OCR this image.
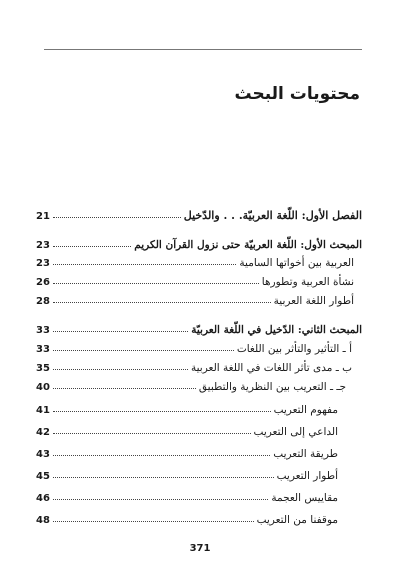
محتويات البحث
الفصل الأول: اللّغة العربيّة. . . والدّخيل
21
المبحث الأول: اللّغة العربيّة حتى نزول القرآن الكريم
23
العربية بين أخواتها السامية
23
نشأة العربية وتطورها
26
أطوار اللغة العربية
28
المبحث الثاني: الدّخيل في اللّغة العربيّة
33
أ ـ التأثير والتأثر بين اللغات
33
ب ـ مدى تأثر اللغات في اللغة العربية
35
جـ ـ التعريب بين النظرية والتطبيق
40
مفهوم التعريب
41
الداعي إلى التعريب
42
طريقة التعريب
43
أطوار التعريب
45
مقاييس العجمة
46
موقفنا من التعريب
48
371
